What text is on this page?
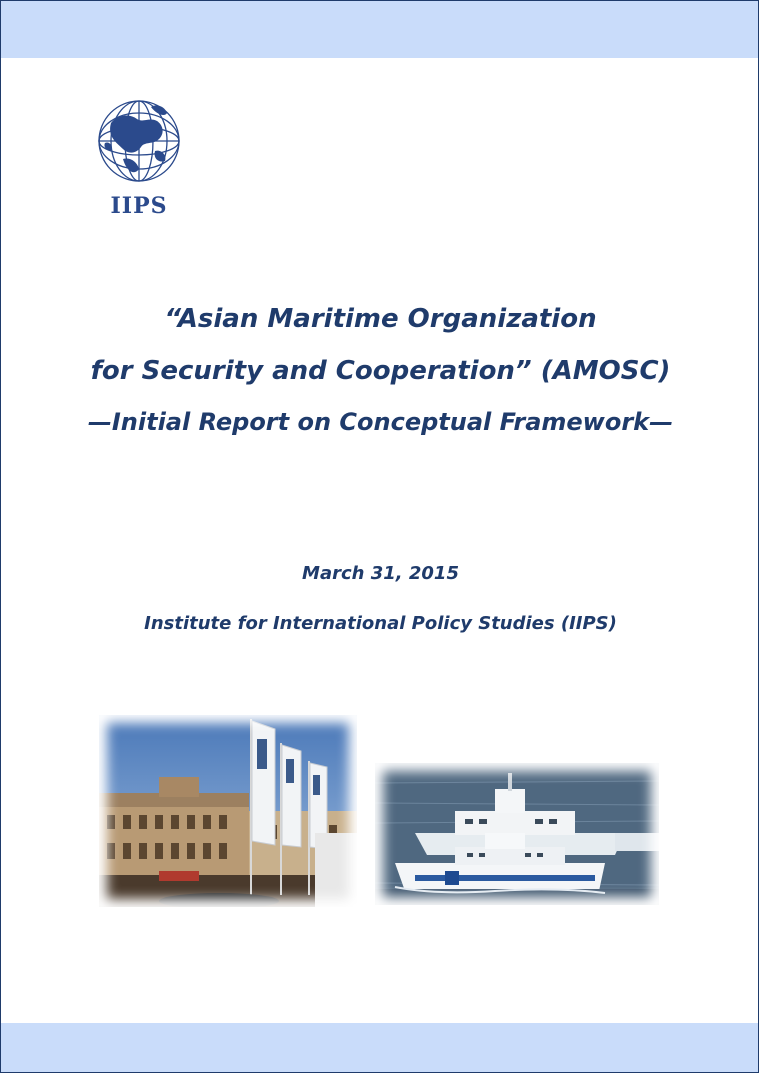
IIPS
“Asian Maritime Organization
for Security and Cooperation” (AMOSC)
—Initial Report on Conceptual Framework—
March 31, 2015
Institute for International Policy Studies (IIPS)
